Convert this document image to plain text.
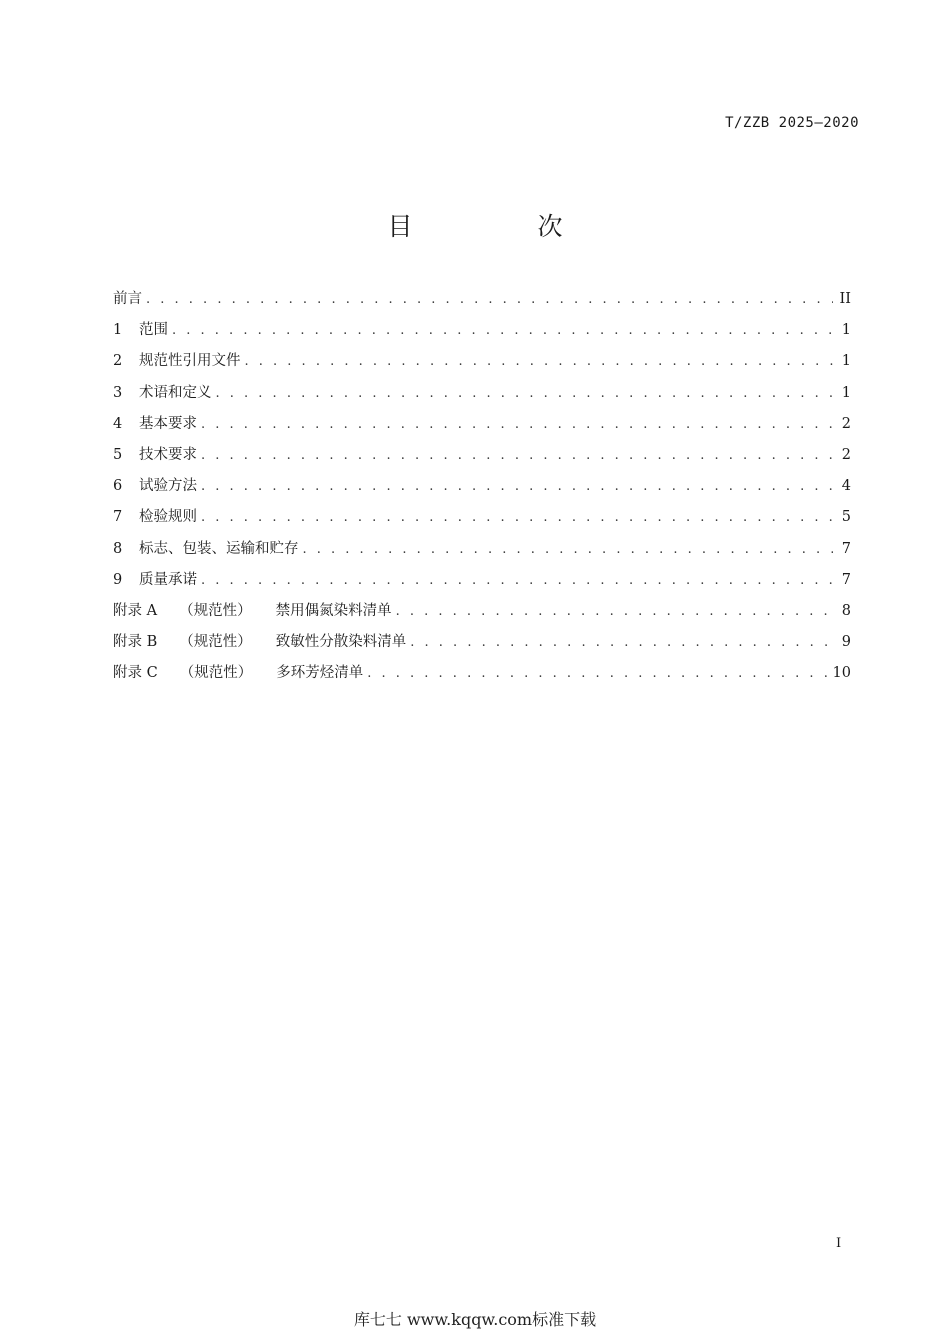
T/ZZB 2025—2020
目　次
前言 . . .	II
1	范围 . . .	1
2	规范性引用文件 . . .	1
3	术语和定义 . . .	1
4	基本要求 . . .	2
5	技术要求 . . .	2
6	试验方法 . . .	4
7	检验规则 . . .	5
8	标志、包装、运输和贮存 . . .	7
9	质量承诺 . . .	7
附录 A （规范性） 禁用偶氮染料清单 . . .	8
附录 B （规范性） 致敏性分散染料清单 . . .	9
附录 C （规范性） 多环芳烃清单 . . .	10
I
库七七 www.kqqw.com标准下载
